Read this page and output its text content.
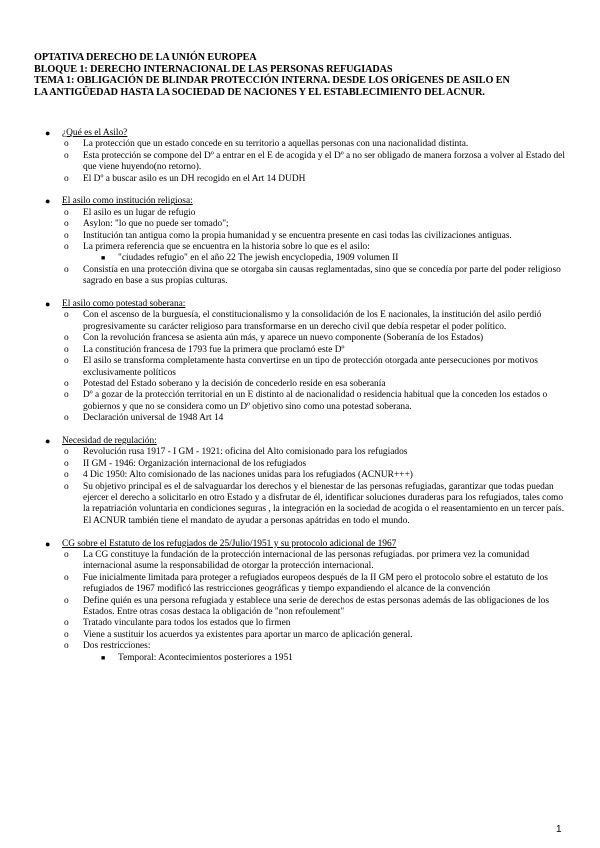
OPTATIVA DERECHO DE LA UNIÓN EUROPEA
BLOQUE 1: DERECHO INTERNACIONAL DE LAS PERSONAS REFUGIADAS
TEMA 1: OBLIGACIÓN DE BLINDAR PROTECCIÓN INTERNA. DESDE LOS ORÍGENES DE ASILO EN
LA ANTIGÜEDAD HASTA LA SOCIEDAD DE NACIONES Y EL ESTABLECIMIENTO DEL ACNUR.
● ¿Qué es el Asilo?
o La protección que un estado concede en su territorio a aquellas personas con una nacionalidad distinta.
o Esta protección se compone del Dº a entrar en el E de acogida y el Dº a no ser obligado de manera forzosa a volver al Estado del que viene huyendo(no retorno).
o El Dº a buscar asilo es un DH recogido en el Art 14 DUDH
● El asilo como institución religiosa:
o El asilo es un lugar de refugio
o Asylon: "lo que no puede ser tomado";
o Institución tan antigua como la propia humanidad y se encuentra presente en casi todas las civilizaciones antiguas.
o La primera referencia que se encuentra en la historia sobre lo que es el asilo:
■ "ciudades refugio" en el año 22 The jewish encyclopedia, 1909 volumen II
o Consistía en una protección divina que se otorgaba sin causas reglamentadas, sino que se concedía por parte del poder religioso sagrado en base a sus propias culturas.
● El asilo como potestad soberana:
o Con el ascenso de la burguesía, el constitucionalismo y la consolidación de los E nacionales, la institución del asilo perdió progresivamente su carácter religioso para transformarse en un derecho civil que debía respetar el poder político.
o Con la revolución francesa se asienta aún más, y aparece un nuevo componente (Soberanía de los Estados)
o La constitución francesa de 1793 fue la primera que proclamó este Dº
o El asilo se transforma completamente hasta convertirse en un tipo de protección otorgada ante persecuciones por motivos exclusivamente políticos
o Potestad del Estado soberano y la decisión de concederlo reside en esa soberanía
o Dº a gozar de la protección territorial en un E distinto al de nacionalidad o residencia habitual que la conceden los estados o gobiernos y que no se considera como un Dº objetivo sino como una potestad soberana.
o Declaración universal de 1948 Art 14
● Necesidad de regulación:
o Revolución rusa 1917 - I GM - 1921: oficina del Alto comisionado para los refugiados
o II GM - 1946: Organización internacional de los refugiados
o 4 Dic 1950: Alto comisionado de las naciones unidas para los refugiados (ACNUR+++)
o Su objetivo principal es el de salvaguardar los derechos y el bienestar de las personas refugiadas, garantizar que todas puedan ejercer el derecho a solicitarlo en otro Estado y a disfrutar de él, identificar soluciones duraderas para los refugiados, tales como la repatriación voluntaria en condiciones seguras , la integración en la sociedad de acogida o el reasentamiento en un tercer país. El ACNUR también tiene el mandato de ayudar a personas apátridas en todo el mundo.
● CG sobre el Estatuto de los refugiados de 25/Julio/1951 y su protocolo adicional de 1967
o La CG constituye la fundación de la protección internacional de las personas refugiadas. por primera vez la comunidad internacional asume la responsabilidad de otorgar la protección internacional.
o Fue inicialmente limitada para proteger a refugiados europeos después de la II GM pero el protocolo sobre el estatuto de los refugiados de 1967 modificó las restricciones geográficas y tiempo expandiendo el alcance de la convención
o Define quién es una persona refugiada y establece una serie de derechos de estas personas además de las obligaciones de los Estados. Entre otras cosas destaca la obligación de "non refoulement"
o Tratado vinculante para todos los estados que lo firmen
o Viene a sustituir los acuerdos ya existentes para aportar un marco de aplicación general.
o Dos restricciones:
■ Temporal: Acontecimientos posteriores a 1951
1
